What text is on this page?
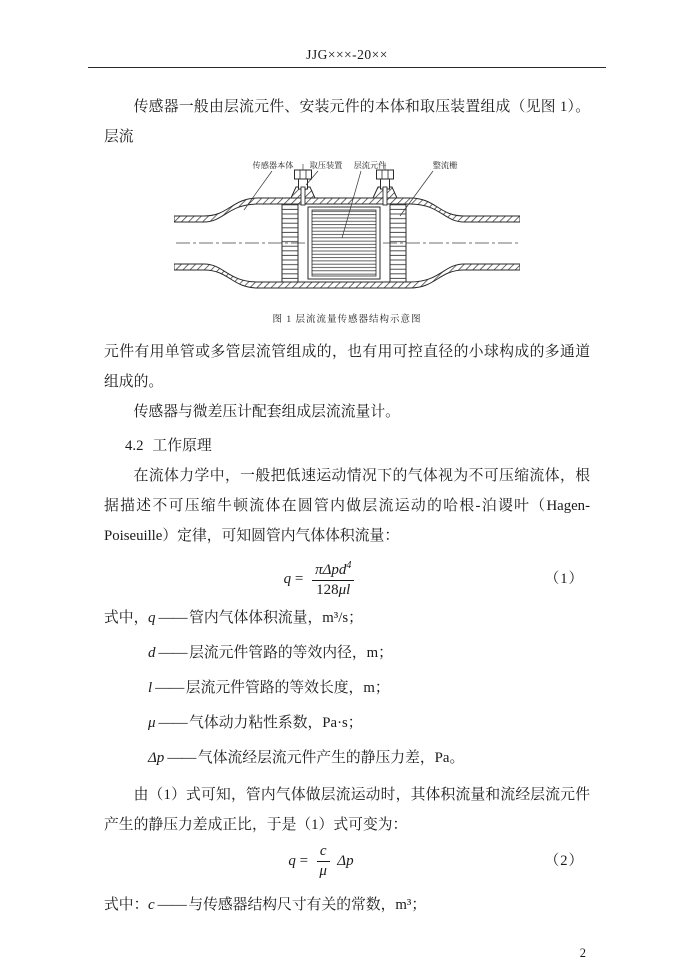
JJG×××-20××

传感器一般由层流元件、安装元件的本体和取压装置组成（见图 1）。层流

传感器本体 取压装置 层流元件	整流栅
图 1 层流流量传感器结构示意图

元件有用单管或多管层流管组成的，也有用可控直径的小球构成的多通道组成的。

传感器与微差压计配套组成层流流量计。

4.2 工作原理

在流体力学中，一般把低速运动情况下的气体视为不可压缩流体，根据描述不可压缩牛顿流体在圆管内做层流运动的哈根-泊谡叶（Hagen-Poiseuille）定律，可知圆管内气体体积流量：

$q = \frac{\pi\Delta pd^4}{128\mu l}$	（1）
式中，q —— 管内气体体积流量，m³/s；
d —— 层流元件管路的等效内径，m；
l —— 层流元件管路的等效长度，m；
μ —— 气体动力粘性系数，Pa·s；
Δp —— 气体流经层流元件产生的静压力差，Pa。

由（1）式可知，管内气体做层流运动时，其体积流量和流经层流元件产生的静压力差成正比，于是（1）式可变为：

$q = \frac{c}{\mu}$ Δp	（2）
式中：c —— 与传感器结构尺寸有关的常数，m³；
2
